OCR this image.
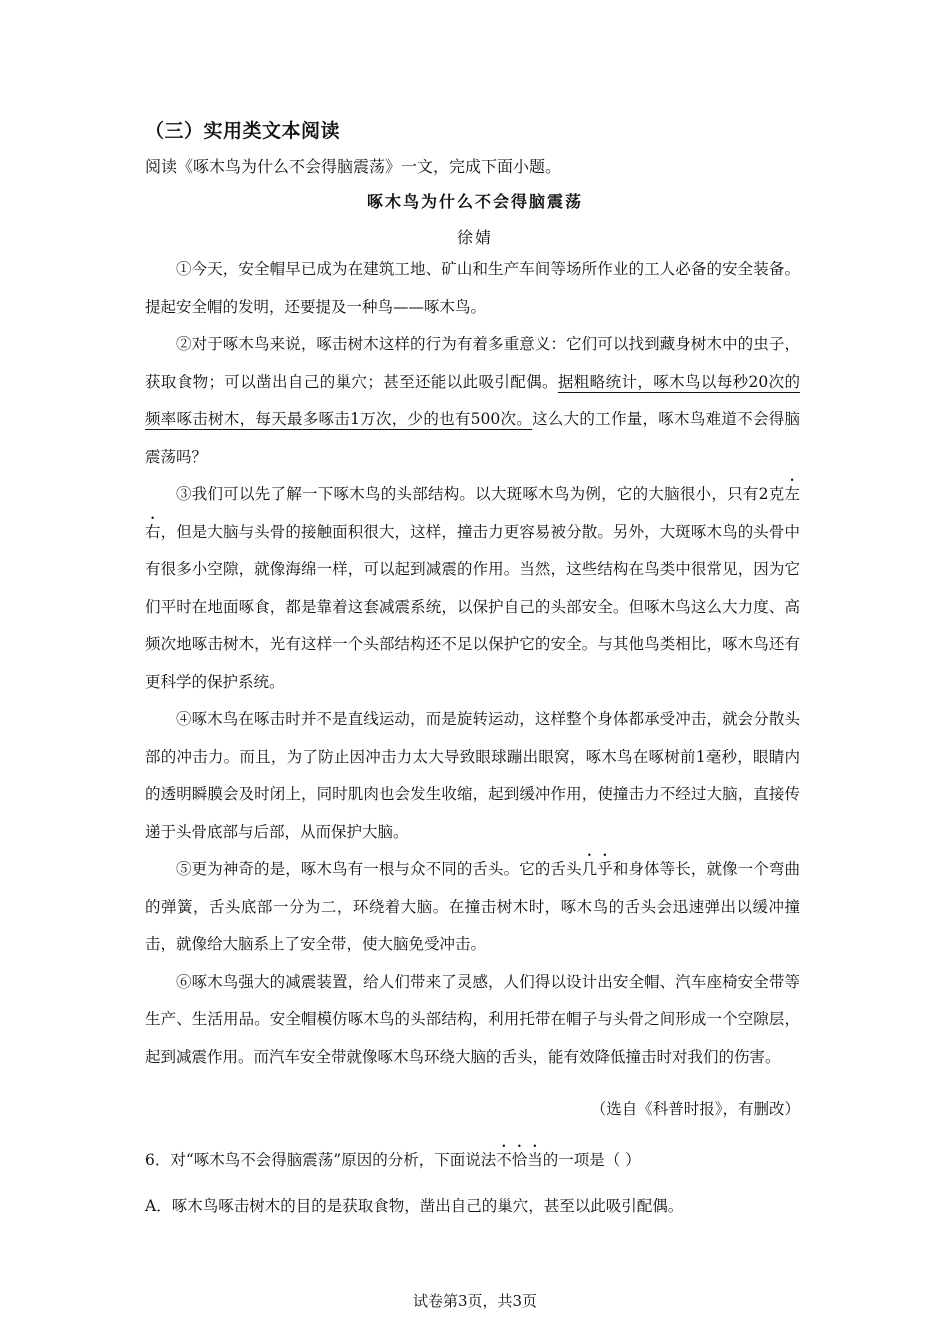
（三）实用类文本阅读
阅读《啄木鸟为什么不会得脑震荡》一文，完成下面小题。
啄木鸟为什么不会得脑震荡
徐婧

①今天，安全帽早已成为在建筑工地、矿山和生产车间等场所作业的工人必备的安全装备。提起安全帽的发明，还要提及一种鸟——啄木鸟。

②对于啄木鸟来说，啄击树木这样的行为有着多重意义：它们可以找到藏身树木中的虫子，获取食物；可以凿出自己的巢穴；甚至还能以此吸引配偶。据粗略统计，啄木鸟以每秒20次的频率啄击树木，每天最多啄击1万次，少的也有500次。这么大的工作量，啄木鸟难道不会得脑震荡吗？

③我们可以先了解一下啄木鸟的头部结构。以大斑啄木鸟为例，它的大脑很小，只有2克左右，但是大脑与头骨的接触面积很大，这样，撞击力更容易被分散。另外，大斑啄木鸟的头骨中有很多小空隙，就像海绵一样，可以起到减震的作用。当然，这些结构在鸟类中很常见，因为它们平时在地面啄食，都是靠着这套减震系统，以保护自己的头部安全。但啄木鸟这么大力度、高频次地啄击树木，光有这样一个头部结构还不足以保护它的安全。与其他鸟类相比，啄木鸟还有更科学的保护系统。

④啄木鸟在啄击时并不是直线运动，而是旋转运动，这样整个身体都承受冲击，就会分散头部的冲击力。而且，为了防止因冲击力太大导致眼球蹦出眼窝，啄木鸟在啄树前1毫秒，眼睛内的透明瞬膜会及时闭上，同时肌肉也会发生收缩，起到缓冲作用，使撞击力不经过大脑，直接传递于头骨底部与后部，从而保护大脑。

⑤更为神奇的是，啄木鸟有一根与众不同的舌头。它的舌头几乎和身体等长，就像一个弯曲的弹簧，舌头底部一分为二，环绕着大脑。在撞击树木时，啄木鸟的舌头会迅速弹出以缓冲撞击，就像给大脑系上了安全带，使大脑免受冲击。

⑥啄木鸟强大的减震装置，给人们带来了灵感，人们得以设计出安全帽、汽车座椅安全带等生产、生活用品。安全帽模仿啄木鸟的头部结构，利用托带在帽子与头骨之间形成一个空隙层，起到减震作用。而汽车安全带就像啄木鸟环绕大脑的舌头，能有效降低撞击时对我们的伤害。

（选自《科普时报》，有删改）
6．对“啄木鸟不会得脑震荡”原因的分析，下面说法不恰当的一项是（ ）
A．啄木鸟啄击树木的目的是获取食物，凿出自己的巢穴，甚至以此吸引配偶。
试卷第3页，共3页
